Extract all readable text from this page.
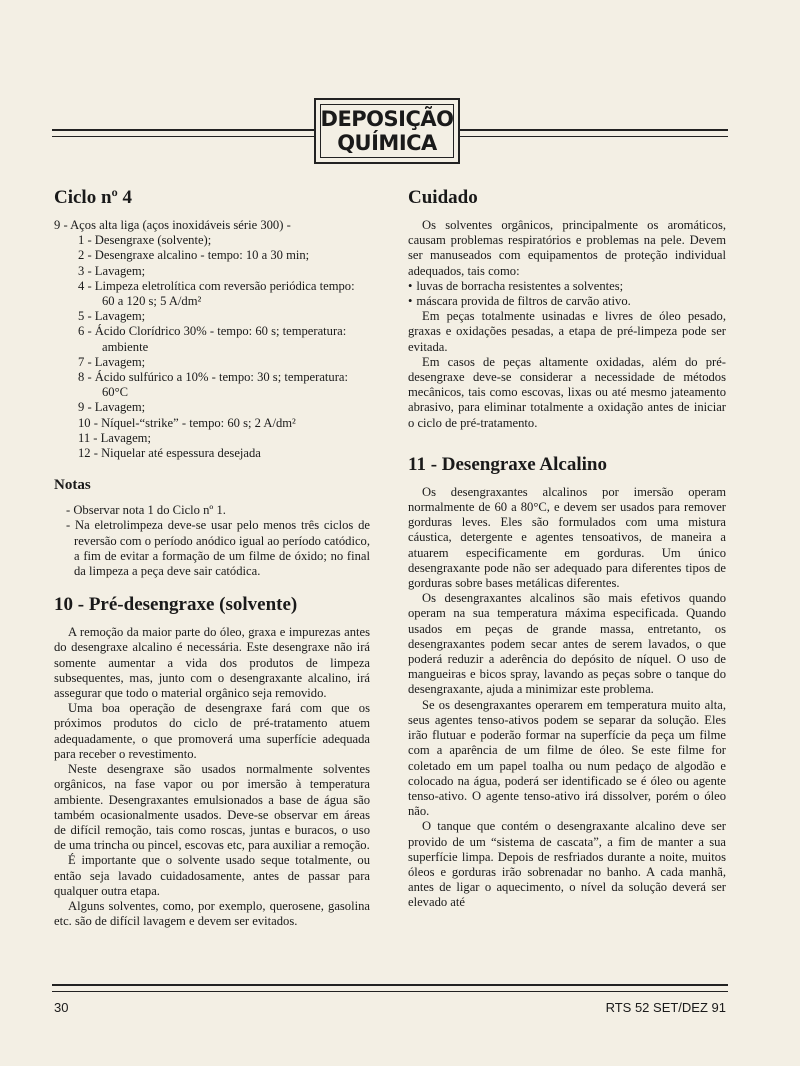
DEPOSIÇÃO
QUÍMICA
Ciclo nº 4
9 - Aços alta liga (aços inoxidáveis série 300) -
1 - Desengraxe (solvente);
2 - Desengraxe alcalino - tempo: 10 a 30 min;
3 - Lavagem;
4 - Limpeza eletrolítica com reversão periódica tempo: 60 a 120 s; 5 A/dm²
5 - Lavagem;
6 - Ácido Clorídrico 30% - tempo: 60 s; temperatura: ambiente
7 - Lavagem;
8 - Ácido sulfúrico a 10% - tempo: 30 s; temperatura: 60°C
9 - Lavagem;
10 - Níquel-“strike” - tempo: 60 s; 2 A/dm²
11 - Lavagem;
12 - Niquelar até espessura desejada
Notas
- Observar nota 1 do Ciclo nº 1.
- Na eletrolimpeza deve-se usar pelo menos três ciclos de reversão com o período anódico igual ao período catódico, a fim de evitar a formação de um filme de óxido; no final da limpeza a peça deve sair catódica.
10 - Pré-desengraxe (solvente)

A remoção da maior parte do óleo, graxa e impurezas antes do desengraxe alcalino é necessária. Este desengraxe não irá somente aumentar a vida dos produtos de limpeza subsequentes, mas, junto com o desengraxante alcalino, irá assegurar que todo o material orgânico seja removido.

Uma boa operação de desengraxe fará com que os próximos produtos do ciclo de pré-tratamento atuem adequadamente, o que promoverá uma superfície adequada para receber o revestimento.

Neste desengraxe são usados normalmente solventes orgânicos, na fase vapor ou por imersão à temperatura ambiente. Desengraxantes emulsionados a base de água são também ocasionalmente usados. Deve-se observar em áreas de difícil remoção, tais como roscas, juntas e buracos, o uso de uma trincha ou pincel, escovas etc, para auxiliar a remoção.

É importante que o solvente usado seque totalmente, ou então seja lavado cuidadosamente, antes de passar para qualquer outra etapa.

Alguns solventes, como, por exemplo, querosene, gasolina etc. são de difícil lavagem e devem ser evitados.

Cuidado

Os solventes orgânicos, principalmente os aromáticos, causam problemas respiratórios e problemas na pele. Devem ser manuseados com equipamentos de proteção individual adequados, tais como:

• luvas de borracha resistentes a solventes;
• máscara provida de filtros de carvão ativo.

Em peças totalmente usinadas e livres de óleo pesado, graxas e oxidações pesadas, a etapa de pré-limpeza pode ser evitada.

Em casos de peças altamente oxidadas, além do pré-desengraxe deve-se considerar a necessidade de métodos mecânicos, tais como escovas, lixas ou até mesmo jateamento abrasivo, para eliminar totalmente a oxidação antes de iniciar o ciclo de pré-tratamento.

11 - Desengraxe Alcalino

Os desengraxantes alcalinos por imersão operam normalmente de 60 a 80°C, e devem ser usados para remover gorduras leves. Eles são formulados com uma mistura cáustica, detergente e agentes tensoativos, de maneira a atuarem especificamente em gorduras. Um único desengraxante pode não ser adequado para diferentes tipos de gorduras sobre bases metálicas diferentes.

Os desengraxantes alcalinos são mais efetivos quando operam na sua temperatura máxima especificada. Quando usados em peças de grande massa, entretanto, os desengraxantes podem secar antes de serem lavados, o que poderá reduzir a aderência do depósito de níquel. O uso de mangueiras e bicos spray, lavando as peças sobre o tanque do desengraxante, ajuda a minimizar este problema.

Se os desengraxantes operarem em temperatura muito alta, seus agentes tenso-ativos podem se separar da solução. Eles irão flutuar e poderão formar na superfície da peça um filme com a aparência de um filme de óleo. Se este filme for coletado em um papel toalha ou num pedaço de algodão e colocado na água, poderá ser identificado se é óleo ou agente tenso-ativo. O agente tenso-ativo irá dissolver, porém o óleo não.

O tanque que contém o desengraxante alcalino deve ser provido de um “sistema de cascata”, a fim de manter a sua superfície limpa. Depois de resfriados durante a noite, muitos óleos e gorduras irão sobrenadar no banho. A cada manhã, antes de ligar o aquecimento, o nível da solução deverá ser elevado até

30	RTS 52 SET/DEZ 91
